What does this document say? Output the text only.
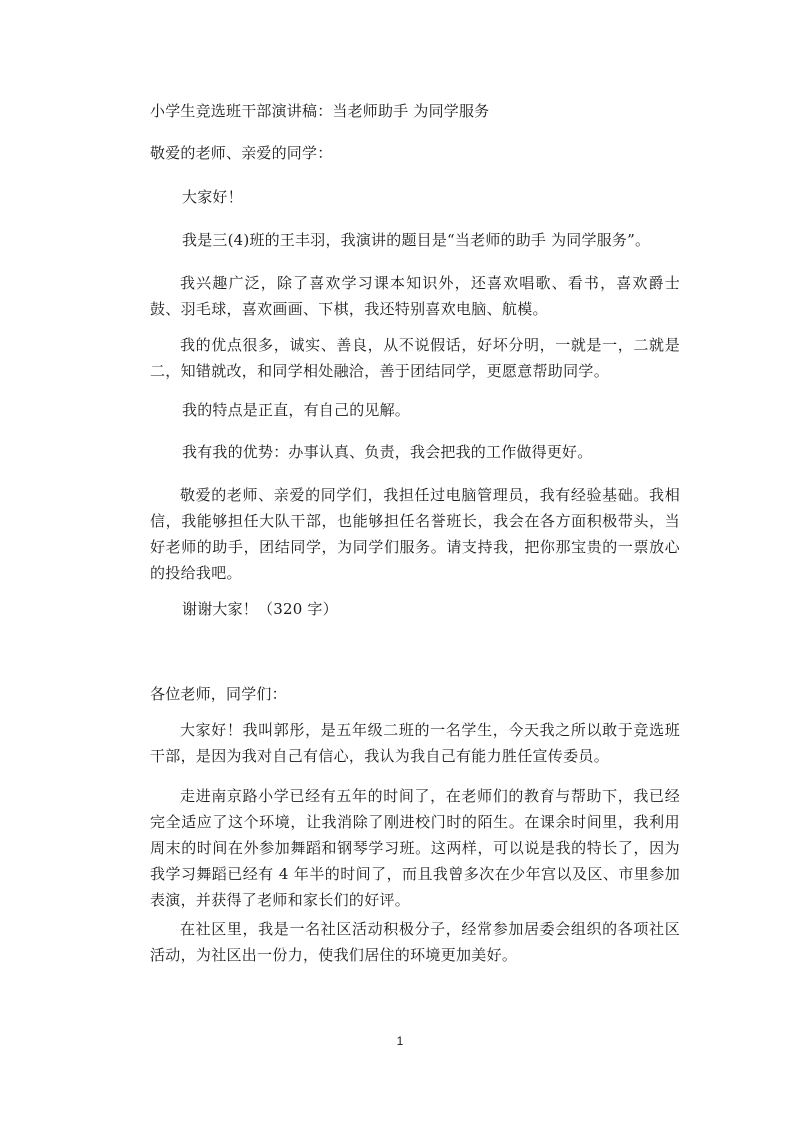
小学生竞选班干部演讲稿：当老师助手 为同学服务
敬爱的老师、亲爱的同学：
大家好！
我是三(4)班的王丰羽，我演讲的题目是“当老师的助手 为同学服务”。
我兴趣广泛，除了喜欢学习课本知识外，还喜欢唱歌、看书，喜欢爵士鼓、羽毛球，喜欢画画、下棋，我还特别喜欢电脑、航模。
我的优点很多，诚实、善良，从不说假话，好坏分明，一就是一，二就是二，知错就改，和同学相处融洽，善于团结同学，更愿意帮助同学。
我的特点是正直，有自己的见解。
我有我的优势：办事认真、负责，我会把我的工作做得更好。
敬爱的老师、亲爱的同学们，我担任过电脑管理员，我有经验基础。我相信，我能够担任大队干部，也能够担任名誉班长，我会在各方面积极带头，当好老师的助手，团结同学，为同学们服务。请支持我，把你那宝贵的一票放心的投给我吧。
谢谢大家！（320 字）
各位老师，同学们：
大家好！我叫郭彤，是五年级二班的一名学生，今天我之所以敢于竞选班干部，是因为我对自己有信心，我认为我自己有能力胜任宣传委员。
走进南京路小学已经有五年的时间了，在老师们的教育与帮助下，我已经完全适应了这个环境，让我消除了刚进校门时的陌生。在课余时间里，我利用周末的时间在外参加舞蹈和钢琴学习班。这两样，可以说是我的特长了，因为我学习舞蹈已经有 4 年半的时间了，而且我曾多次在少年宫以及区、市里参加表演，并获得了老师和家长们的好评。
在社区里，我是一名社区活动积极分子，经常参加居委会组织的各项社区活动，为社区出一份力，使我们居住的环境更加美好。
1
